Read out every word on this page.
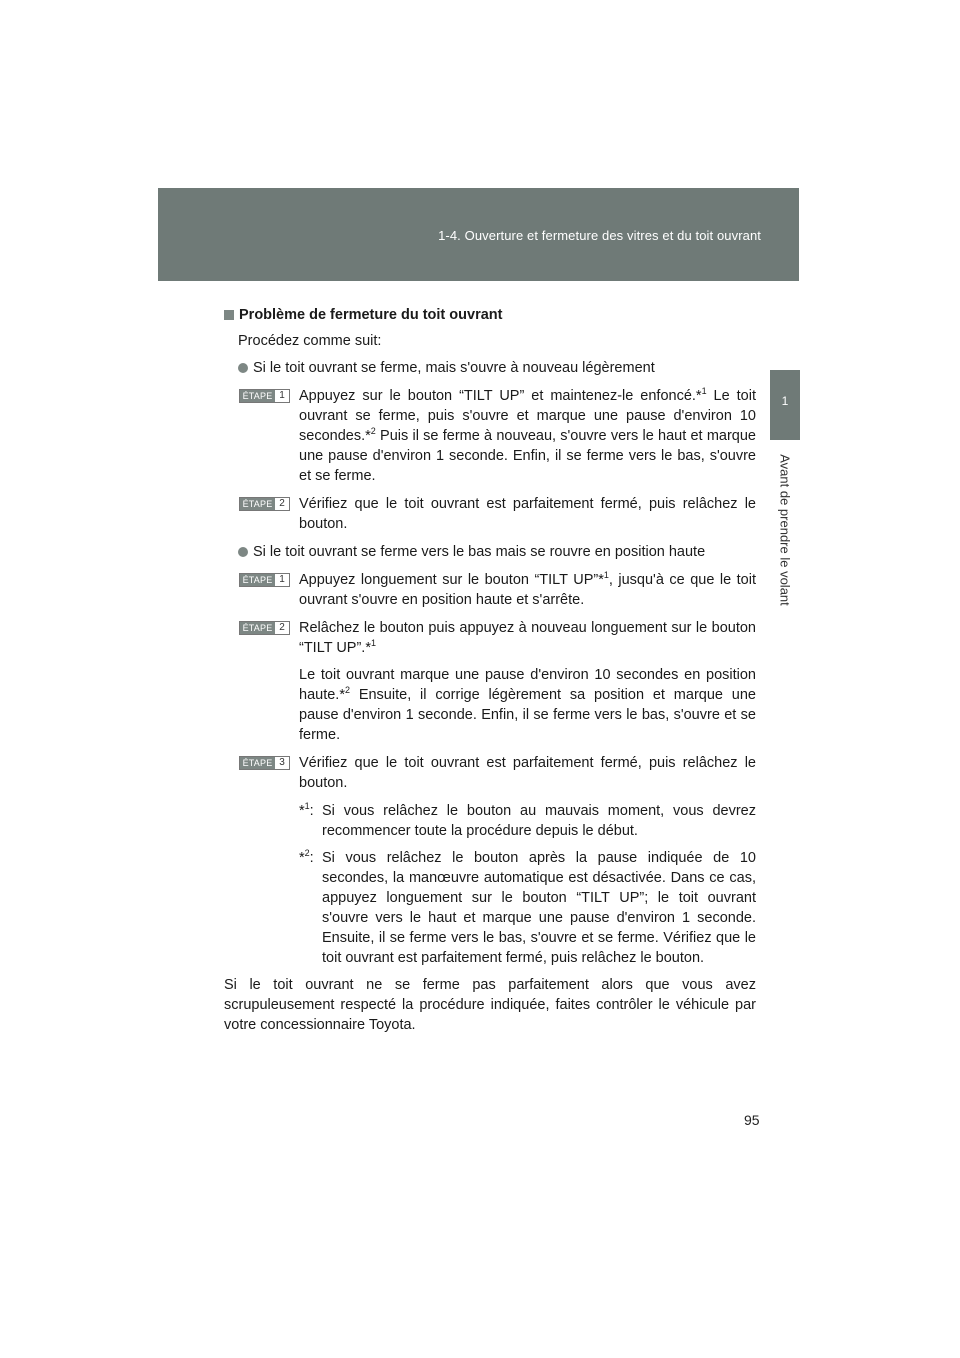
1-4. Ouverture et fermeture des vitres et du toit ouvrant
1
Avant de prendre le volant
Problème de fermeture du toit ouvrant

Procédez comme suit:

Si le toit ouvrant se ferme, mais s'ouvre à nouveau légèrement
ÉTAPE 1 Appuyez sur le bouton “TILT UP” et maintenez-le enfoncé.*$^1$ Le toit ouvrant se ferme, puis s'ouvre et marque une pause d'environ 10 secondes.*$^2$ Puis il se ferme à nouveau, s'ouvre vers le haut et marque une pause d'environ 1 seconde. Enfin, il se ferme vers le bas, s'ouvre et se ferme.

ÉTAPE 2 Vérifiez que le toit ouvrant est parfaitement fermé, puis relâchez le bouton.

Si le toit ouvrant se ferme vers le bas mais se rouvre en position haute
ÉTAPE 1 Appuyez longuement sur le bouton “TILT UP”*$^1$, jusqu'à ce que le toit ouvrant s'ouvre en position haute et s'arrête.

ÉTAPE 2 Relâchez le bouton puis appuyez à nouveau longuement sur le bouton “TILT UP”.*$^1$

Le toit ouvrant marque une pause d'environ 10 secondes en position haute.*$^2$ Ensuite, il corrige légèrement sa position et marque une pause d'environ 1 seconde. Enfin, il se ferme vers le bas, s'ouvre et se ferme.

ÉTAPE 3 Vérifiez que le toit ouvrant est parfaitement fermé, puis relâchez le bouton.

*$^1$: Si vous relâchez le bouton au mauvais moment, vous devrez recommencer toute la procédure depuis le début.
*$^2$: Si vous relâchez le bouton après la pause indiquée de 10 secondes, la manœuvre automatique est désactivée. Dans ce cas, appuyez longuement sur le bouton “TILT UP”; le toit ouvrant s'ouvre vers le haut et marque une pause d'environ 1 seconde. Ensuite, il se ferme vers le bas, s'ouvre et se ferme. Vérifiez que le toit ouvrant est parfaitement fermé, puis relâchez le bouton.

Si le toit ouvrant ne se ferme pas parfaitement alors que vous avez scrupuleusement respecté la procédure indiquée, faites contrôler le véhicule par votre concessionnaire Toyota.

95
